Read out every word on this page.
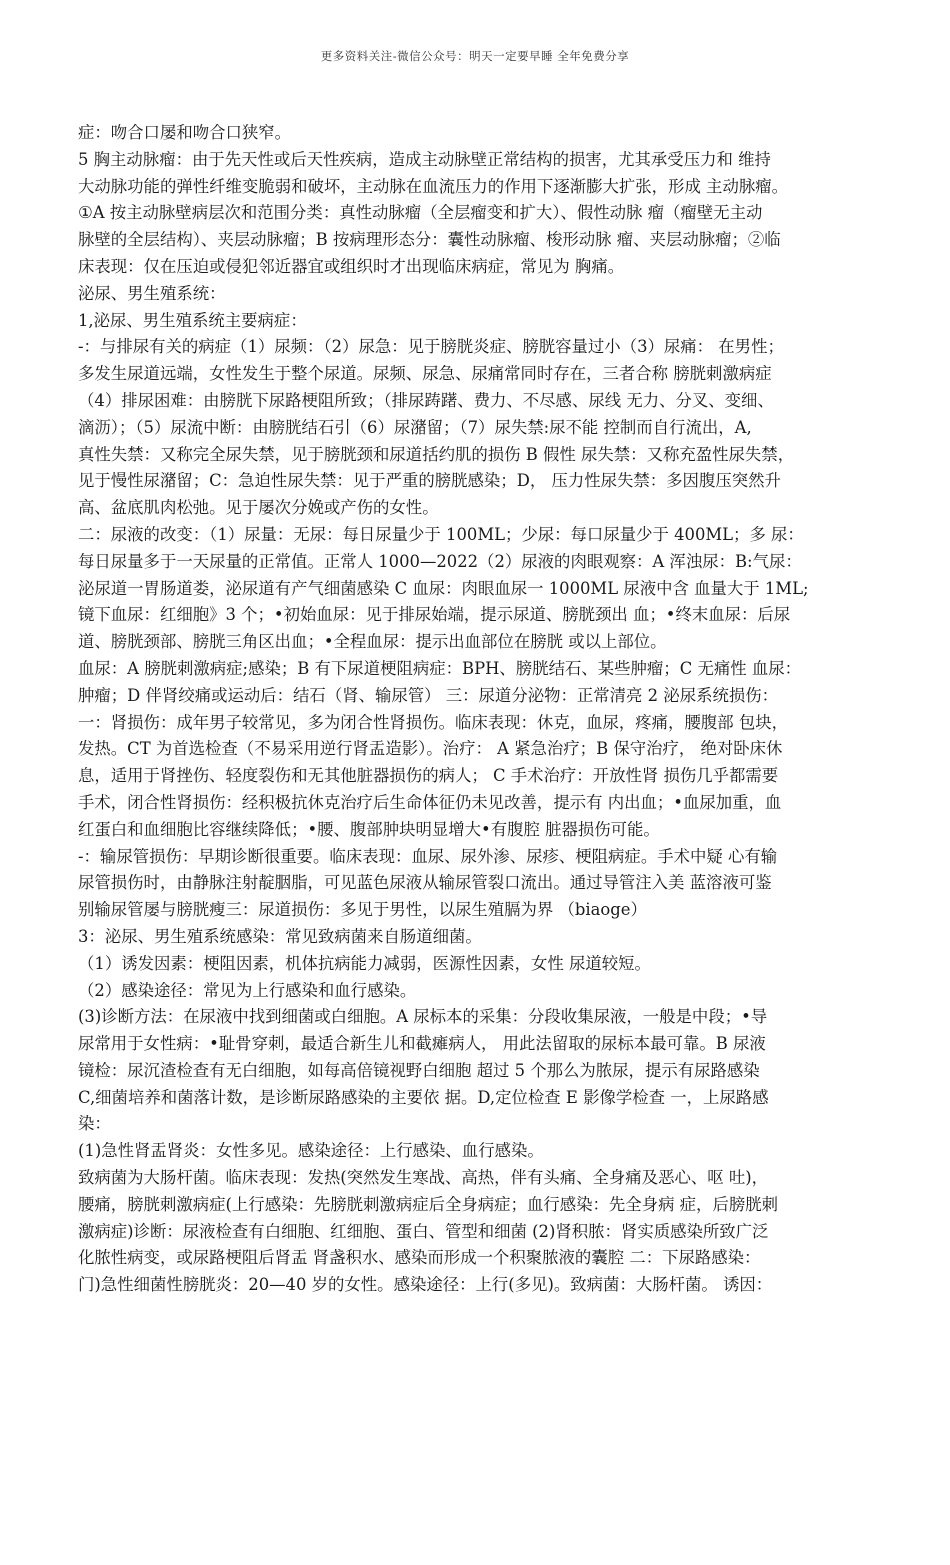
更多资料关注-微信公众号：明天一定要早睡 全年免费分享
症：吻合口屡和吻合口狭窄。
5 胸主动脉瘤：由于先天性或后天性疾病，造成主动脉壁正常结构的损害，尤其承受压力和 维持
大动脉功能的弹性纤维变脆弱和破坏，主动脉在血流压力的作用下逐渐膨大扩张，形成 主动脉瘤。
①A 按主动脉壁病层次和范围分类：真性动脉瘤（全层瘤变和扩大）、假性动脉 瘤（瘤壁无主动
脉壁的全层结构）、夹层动脉瘤；B 按病理形态分：囊性动脉瘤、梭形动脉 瘤、夹层动脉瘤；②临
床表现：仅在压迫或侵犯邻近器宜或组织时才出现临床病症，常见为 胸痛。
泌尿、男生殖系统：
1,泌尿、男生殖系统主要病症：
-：与排尿有关的病症（1）尿频：（2）尿急：见于膀胱炎症、膀胱容量过小（3）尿痛： 在男性；
多发生尿道远端，女性发生于整个尿道。尿频、尿急、尿痛常同时存在，三者合称 膀胱刺激病症
（4）排尿困难：由膀胱下尿路梗阻所致；（排尿踌躇、费力、不尽感、尿线 无力、分叉、变细、
滴沥）；（5）尿流中断：由膀胱结石引（6）尿潴留；（7）尿失禁:尿不能 控制而自行流出，A,
真性失禁：又称完全尿失禁，见于膀胱颈和尿道括约肌的损伤 B 假性 尿失禁：又称充盈性尿失禁，
见于慢性尿潴留；C：急迫性尿失禁：见于严重的膀胱感染；D， 压力性尿失禁：多因腹压突然升
高、盆底肌肉松弛。见于屡次分娩或产伤的女性。
二：尿液的改变：（1）尿量：无尿：每日尿量少于 100ML；少尿：每口尿量少于 400ML；多 尿：
每日尿量多于一天尿量的正常值。正常人 1000—2022（2）尿液的肉眼观察：A 浑浊尿：B:气尿：
泌尿道一胃肠道娄，泌尿道有产气细菌感染 C 血尿：肉眼血尿一 1000ML 尿液中含 血量大于 1ML;
镜下血尿：红细胞》3 个；•初始血尿：见于排尿始端，提示尿道、膀胱颈出 血；•终末血尿：后尿
道、膀胱颈部、膀胱三角区出血；•全程血尿：提示出血部位在膀胱 或以上部位。
血尿：A 膀胱刺激病症;感染；B 有下尿道梗阻病症：BPH、膀胱结石、某些肿瘤；C 无痛性 血尿：
肿瘤；D 伴肾绞痛或运动后：结石（肾、输尿管） 三：尿道分泌物：正常清亮 2 泌尿系统损伤：
一：肾损伤：成年男子较常见，多为闭合性肾损伤。临床表现：休克，血尿，疼痛，腰腹部 包块，
发热。CT 为首选检查（不易采用逆行肾盂造影）。治疗： A 紧急治疗；B 保守治疗， 绝对卧床休
息，适用于肾挫伤、轻度裂伤和无其他脏器损伤的病人； C 手术治疗：开放性肾 损伤几乎都需要
手术，闭合性肾损伤：经积极抗休克治疗后生命体征仍未见改善，提示有 内出血；•血尿加重，血
红蛋白和血细胞比容继续降低；•腰、腹部肿块明显增大•有腹腔 脏器损伤可能。
-：输尿管损伤：早期诊断很重要。临床表现：血尿、尿外渗、尿疹、梗阻病症。手术中疑 心有输
尿管损伤时，由静脉注射靛胭脂，可见蓝色尿液从输尿管裂口流出。通过导管注入美 蓝溶液可鉴
别输尿管屡与膀胱瘦三：尿道损伤：多见于男性，以尿生殖膈为界 （biaoge）
3：泌尿、男生殖系统感染：常见致病菌来自肠道细菌。
（1）诱发因素：梗阻因素，机体抗病能力减弱，医源性因素，女性 尿道较短。
（2）感染途径：常见为上行感染和血行感染。
(3)诊断方法：在尿液中找到细菌或白细胞。A 尿标本的采集：分段收集尿液，一般是中段；•导
尿常用于女性病：•耻骨穿刺，最适合新生儿和截瘫病人， 用此法留取的尿标本最可靠。B 尿液
镜检：尿沉渣检查有无白细胞，如每高倍镜视野白细胞 超过 5 个那么为脓尿，提示有尿路感染
C,细菌培养和菌落计数，是诊断尿路感染的主要依 据。D,定位检查 E 影像学检查 一，上尿路感
染：
(1)急性肾盂肾炎：女性多见。感染途径：上行感染、血行感染。
致病菌为大肠杆菌。临床表现：发热(突然发生寒战、高热，伴有头痛、全身痛及恶心、呕 吐)，
腰痛，膀胱刺激病症(上行感染：先膀胱刺激病症后全身病症；血行感染：先全身病 症，后膀胱刺
激病症)诊断：尿液检查有白细胞、红细胞、蛋白、管型和细菌 (2)肾积脓：肾实质感染所致广泛
化脓性病变，或尿路梗阻后肾盂 肾盏积水、感染而形成一个积聚脓液的囊腔 二：下尿路感染：
门)急性细菌性膀胱炎：20—40 岁的女性。感染途径：上行(多见)。致病菌：大肠杆菌。 诱因：
